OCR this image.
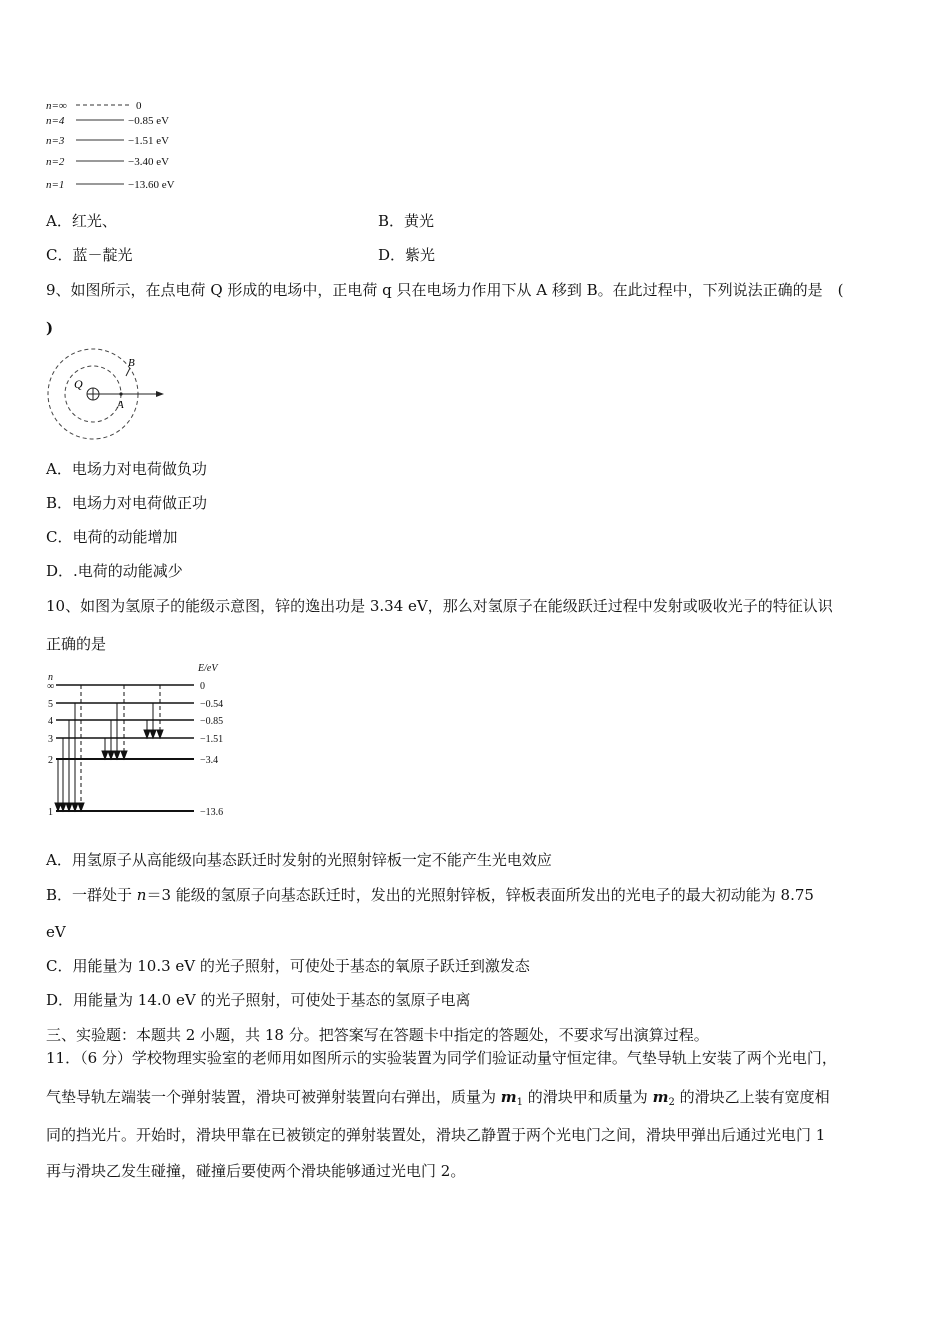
n=∞	0
n=4	−0.85 eV
n=3	−1.51 eV
n=2	−3.40 eV
n=1	−13.60 eV
A．红光、	B．黄光
C．蓝－靛光	D．紫光
9、如图所示，在点电荷 Q 形成的电场中，正电荷 q 只在电场力作用下从 A 移到 B。在此过程中，下列说法正确的是　(
)
Q
A
B
A．电场力对电荷做负功
B．电场力对电荷做正功
C．电荷的动能增加
D．.电荷的动能减少
10、如图为氢原子的能级示意图，锌的逸出功是 3.34 eV，那么对氢原子在能级跃迁过程中发射或吸收光子的特征认识
正确的是
E/eV
n
∞	0
5	−0.54
4	−0.85
3	−1.51
2	−3.4
1	−13.6
A．用氢原子从高能级向基态跃迁时发射的光照射锌板一定不能产生光电效应
B．一群处于 n＝3 能级的氢原子向基态跃迁时，发出的光照射锌板，锌板表面所发出的光电子的最大初动能为 8.75
eV
C．用能量为 10.3 eV 的光子照射，可使处于基态的氧原子跃迁到激发态
D．用能量为 14.0 eV 的光子照射，可使处于基态的氢原子电离
三、实验题：本题共 2 小题，共 18 分。把答案写在答题卡中指定的答题处，不要求写出演算过程。
11．（6 分）学校物理实验室的老师用如图所示的实验装置为同学们验证动量守恒定律。气垫导轨上安装了两个光电门，
气垫导轨左端装一个弹射装置，滑块可被弹射装置向右弹出，质量为 $m_1$ 的滑块甲和质量为 $m_2$ 的滑块乙上装有宽度相
同的挡光片。开始时，滑块甲靠在已被锁定的弹射装置处，滑块乙静置于两个光电门之间，滑块甲弹出后通过光电门 1
再与滑块乙发生碰撞，碰撞后要使两个滑块能够通过光电门 2。
